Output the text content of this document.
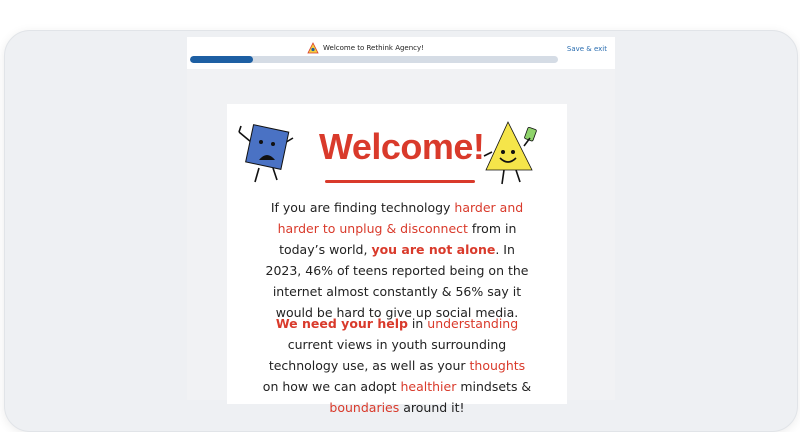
Welcome to Rethink Agency!	Save & exit
Welcome!
If you are finding technology harder and harder to unplug & disconnect from in today’s world, you are not alone. In 2023, 46% of teens reported being on the internet almost constantly & 56% say it would be hard to give up social media.
We need your help in understanding current views in youth surrounding technology use, as well as your thoughts on how we can adopt healthier mindsets & boundaries around it!
